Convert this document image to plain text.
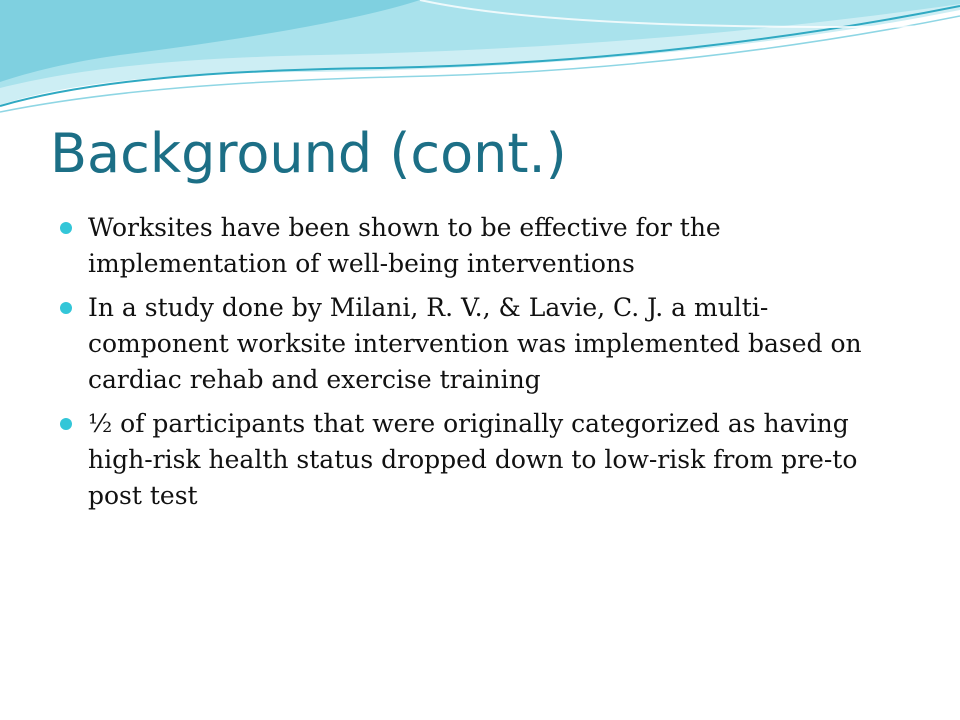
Background (cont.)
Worksites have been shown to be effective for the implementation of well-being interventions
In a study done by Milani, R. V., & Lavie, C. J. a multi-component worksite intervention was implemented based on cardiac rehab and exercise training
½ of participants that were originally categorized as having high-risk health status dropped down to low-risk from pre-to post test
